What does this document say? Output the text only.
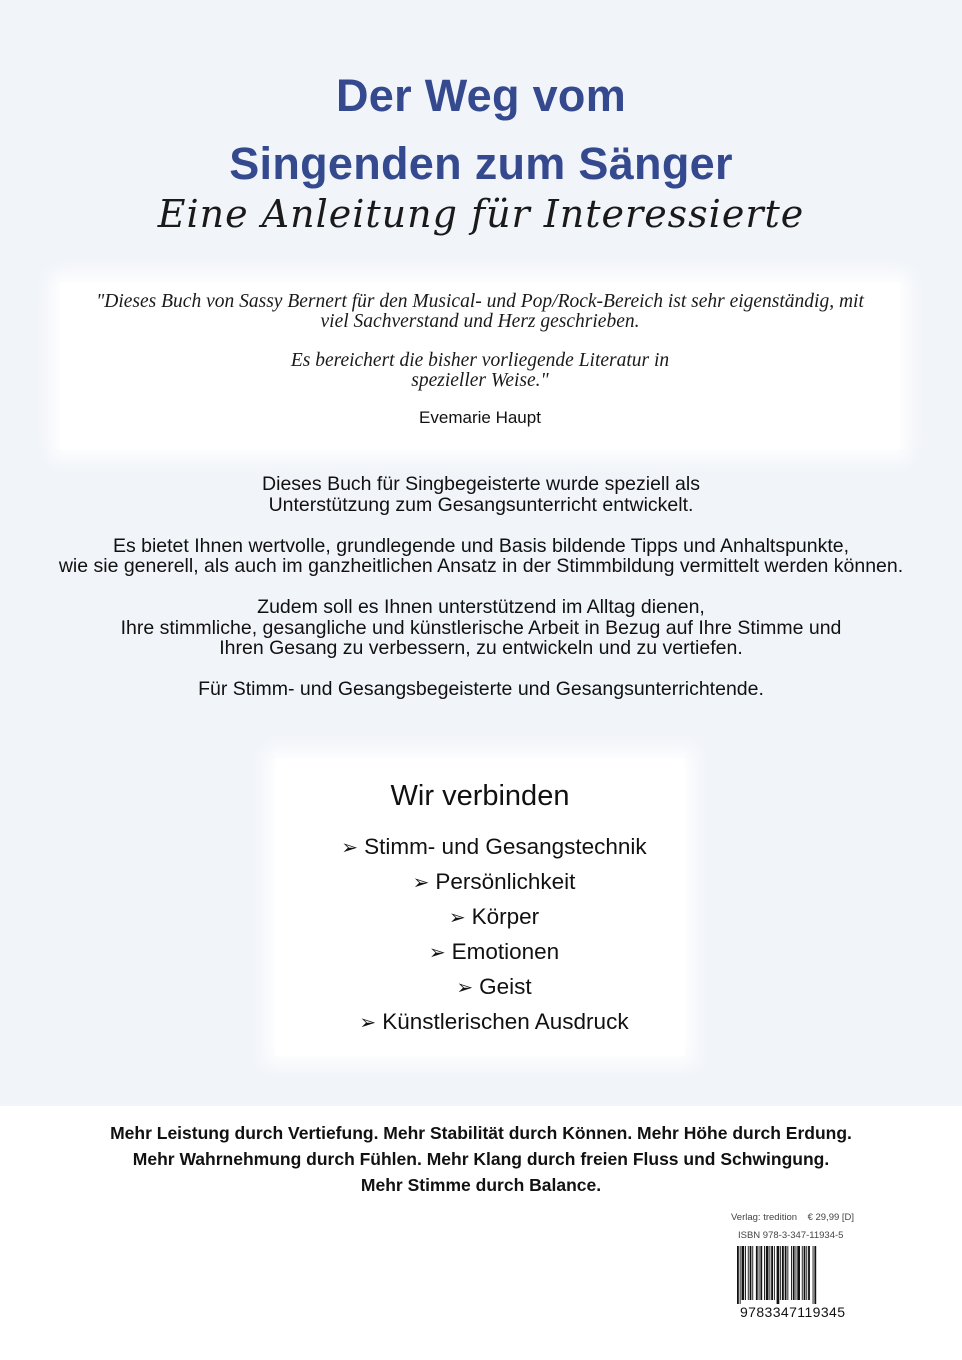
Der Weg vom
Singenden zum Sänger
Eine Anleitung für Interessierte

"Dieses Buch von Sassy Bernert für den Musical- und Pop/Rock-Bereich ist sehr eigenständig, mit viel Sachverstand und Herz geschrieben.

Es bereichert die bisher vorliegende Literatur in
spezieller Weise."

Evemarie Haupt

Dieses Buch für Singbegeisterte wurde speziell als
Unterstützung zum Gesangsunterricht entwickelt.

Es bietet Ihnen wertvolle, grundlegende und Basis bildende Tipps und Anhaltspunkte,
wie sie generell, als auch im ganzheitlichen Ansatz in der Stimmbildung vermittelt werden können.

Zudem soll es Ihnen unterstützend im Alltag dienen,
Ihre stimmliche, gesangliche und künstlerische Arbeit in Bezug auf Ihre Stimme und
Ihren Gesang zu verbessern, zu entwickeln und zu vertiefen.

Für Stimm- und Gesangsbegeisterte und Gesangsunterrichtende.

Wir verbinden
➢ Stimm- und Gesangstechnik
➢ Persönlichkeit
➢ Körper
➢ Emotionen
➢ Geist
➢ Künstlerischen Ausdruck

Mehr Leistung durch Vertiefung. Mehr Stabilität durch Können. Mehr Höhe durch Erdung.

Mehr Wahrnehmung durch Fühlen. Mehr Klang durch freien Fluss und Schwingung.

Mehr Stimme durch Balance.

Verlag: tredition    € 29,99 [D]
ISBN 978-3-347-11934-5
9783347119345
